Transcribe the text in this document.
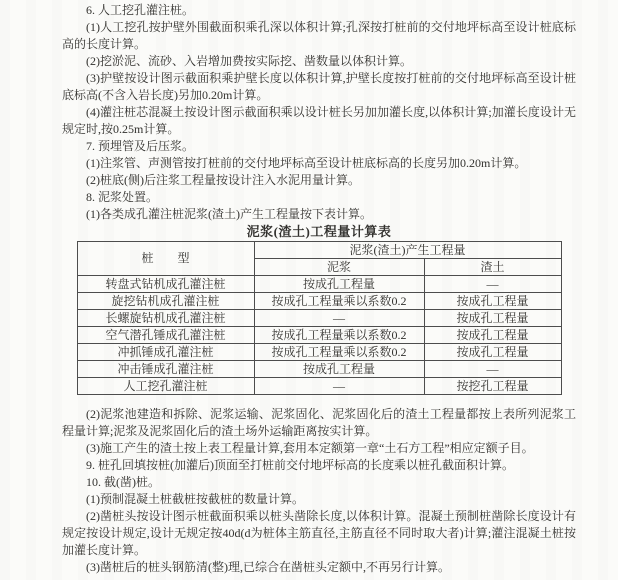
6. 人工挖孔灌注桩。

(1)人工挖孔按护壁外围截面积乘孔深以体积计算;孔深按打桩前的交付地坪标高至设计桩底标高的长度计算。

(2)挖淤泥、流砂、入岩增加费按实际挖、凿数量以体积计算。

(3)护壁按设计图示截面积乘护壁长度以体积计算,护壁长度按打桩前的交付地坪标高至设计桩底标高(不含入岩长度)另加0.20m计算。

(4)灌注桩芯混凝土按设计图示截面积乘以设计桩长另加加灌长度,以体积计算;加灌长度设计无规定时,按0.25m计算。

7. 预埋管及后压浆。

(1)注浆管、声测管按打桩前的交付地坪标高至设计桩底标高的长度另加0.20m计算。

(2)桩底(侧)后注浆工程量按设计注入水泥用量计算。

8. 泥浆处置。

(1)各类成孔灌注桩泥浆(渣土)产生工程量按下表计算。

泥浆(渣土)工程量计算表
桩　　型	泥浆(渣土)产生工程量	
	泥浆	渣土
转盘式钻机成孔灌注桩	按成孔工程量	—
旋挖钻机成孔灌注桩	按成孔工程量乘以系数0.2	按成孔工程量
长螺旋钻机成孔灌注桩	—	按成孔工程量
空气潜孔锤成孔灌注桩	按成孔工程量乘以系数0.2	按成孔工程量
冲抓锤成孔灌注桩	按成孔工程量乘以系数0.2	按成孔工程量
冲击锤成孔灌注桩	按成孔工程量	—
人工挖孔灌注桩	—	按挖孔工程量

(2)泥浆池建造和拆除、泥浆运输、泥浆固化、泥浆固化后的渣土工程量都按上表所列泥浆工程量计算;泥浆及泥浆固化后的渣土场外运输距离按实计算。

(3)施工产生的渣土按上表工程量计算,套用本定额第一章“土石方工程”相应定额子目。

9. 桩孔回填按桩(加灌后)顶面至打桩前交付地坪标高的长度乘以桩孔截面积计算。

10. 截(凿)桩。

(1)预制混凝土桩截桩按截桩的数量计算。

(2)凿桩头按设计图示桩截面积乘以桩头凿除长度,以体积计算。混凝土预制桩凿除长度设计有规定按设计规定,设计无规定按40d(d为桩体主筋直径,主筋直径不同时取大者)计算;灌注混凝土桩按加灌长度计算。

(3)凿桩后的桩头钢筋清(整)理,已综合在凿桩头定额中,不再另行计算。
